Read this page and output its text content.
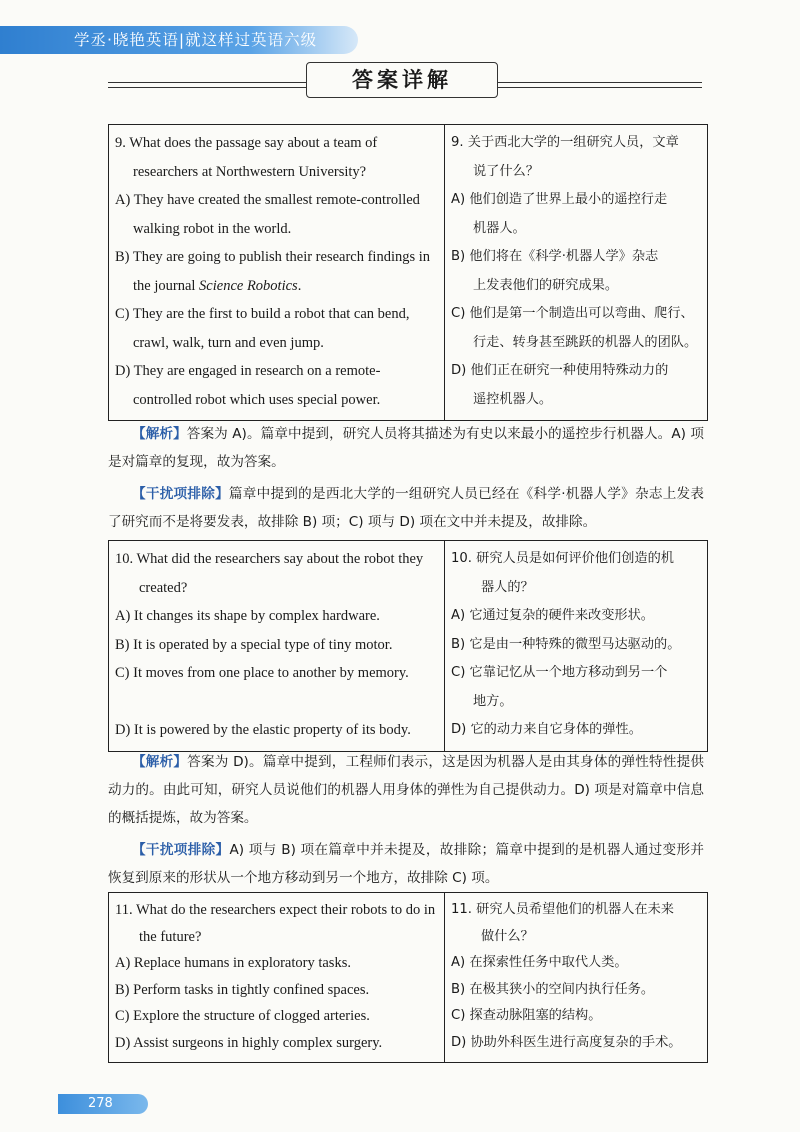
学丞·晓艳英语|就这样过英语六级
答案详解
9. What does the passage say about a team of
researchers at Northwestern University?
A) They have created the smallest remote-controlled
walking robot in the world.
B) They are going to publish their research findings in
the journal Science Robotics.
C) They are the first to build a robot that can bend,
crawl, walk, turn and even jump.
D) They are engaged in research on a remote-
controlled robot which uses special power.

9. 关于西北大学的一组研究人员，文章
说了什么？
A) 他们创造了世界上最小的遥控行走
机器人。
B) 他们将在《科学·机器人学》杂志
上发表他们的研究成果。
C) 他们是第一个制造出可以弯曲、爬行、
行走、转身甚至跳跃的机器人的团队。
D) 他们正在研究一种使用特殊动力的
遥控机器人。
【解析】答案为 A)。篇章中提到，研究人员将其描述为有史以来最小的遥控步行机器人。A) 项是对篇章的复现，故为答案。
【干扰项排除】篇章中提到的是西北大学的一组研究人员已经在《科学·机器人学》杂志上发表了研究而不是将要发表，故排除 B) 项；C) 项与 D) 项在文中并未提及，故排除。
10. What did the researchers say about the robot they
created?
A) It changes its shape by complex hardware.
B) It is operated by a special type of tiny motor.
C) It moves from one place to another by memory.

D) It is powered by the elastic property of its body.

10. 研究人员是如何评价他们创造的机
器人的？
A) 它通过复杂的硬件来改变形状。
B) 它是由一种特殊的微型马达驱动的。
C) 它靠记忆从一个地方移动到另一个
地方。
D) 它的动力来自它身体的弹性。
【解析】答案为 D)。篇章中提到，工程师们表示，这是因为机器人是由其身体的弹性特性提供动力的。由此可知，研究人员说他们的机器人用身体的弹性为自己提供动力。D) 项是对篇章中信息的概括提炼，故为答案。
【干扰项排除】A) 项与 B) 项在篇章中并未提及，故排除；篇章中提到的是机器人通过变形并恢复到原来的形状从一个地方移动到另一个地方，故排除 C) 项。
11. What do the researchers expect their robots to do in
the future?
A) Replace humans in exploratory tasks.
B) Perform tasks in tightly confined spaces.
C) Explore the structure of clogged arteries.
D) Assist surgeons in highly complex surgery.

11. 研究人员希望他们的机器人在未来
做什么？
A) 在探索性任务中取代人类。
B) 在极其狭小的空间内执行任务。
C) 探查动脉阻塞的结构。
D) 协助外科医生进行高度复杂的手术。
278
